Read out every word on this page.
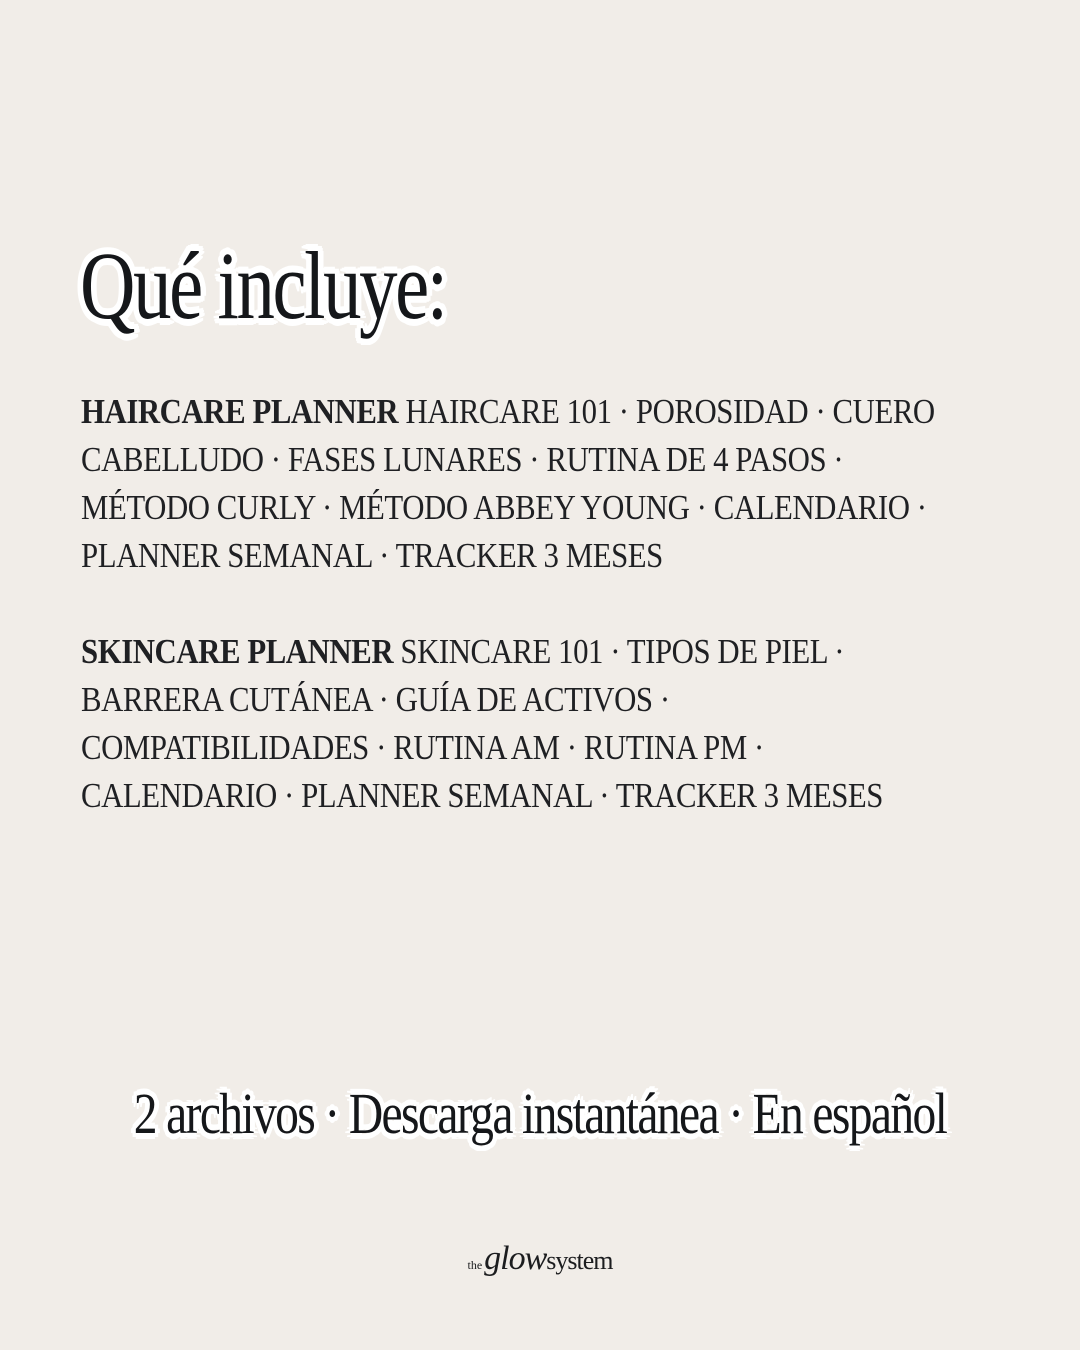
Qué incluye:

HAIRCARE PLANNER HAIRCARE 101 · POROSIDAD · CUERO CABELLUDO · FASES LUNARES · RUTINA DE 4 PASOS · MÉTODO CURLY · MÉTODO ABBEY YOUNG · CALENDARIO · PLANNER SEMANAL · TRACKER 3 MESES

SKINCARE PLANNER SKINCARE 101 · TIPOS DE PIEL · BARRERA CUTÁNEA · GUÍA DE ACTIVOS · COMPATIBILIDADES · RUTINA AM · RUTINA PM · CALENDARIO · PLANNER SEMANAL · TRACKER 3 MESES

2 archivos · Descarga instantánea · En español

theglowsystem
